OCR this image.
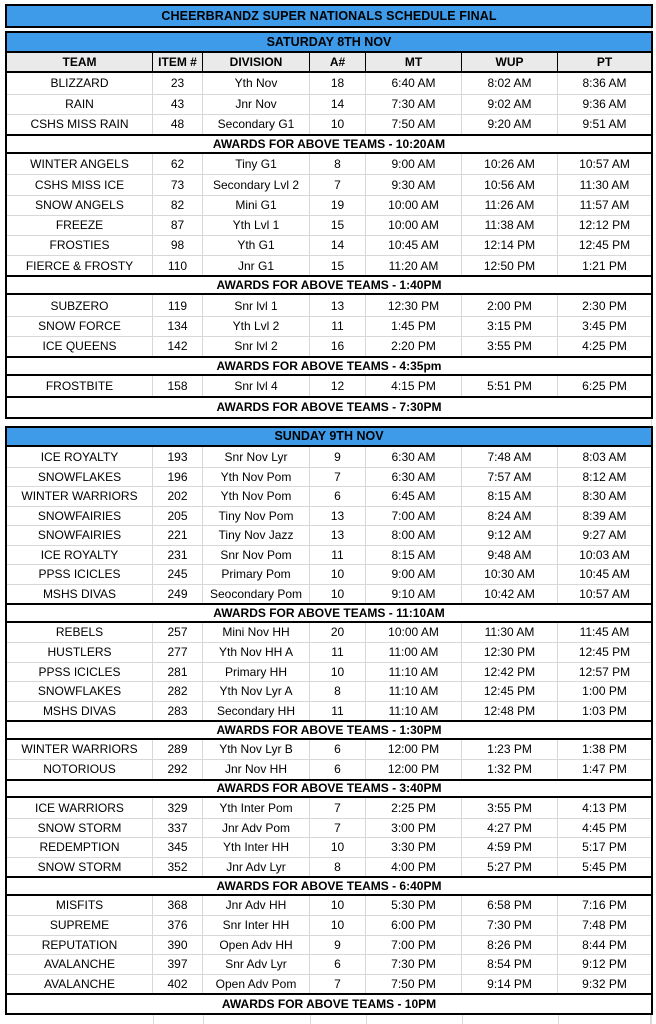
CHEERBRANDZ SUPER NATIONALS SCHEDULE FINAL
SATURDAY 8TH NOV
TEAM	ITEM #	DIVISION	A#	MT	WUP	PT
BLIZZARD	23	Yth Nov	18	6:40 AM	8:02 AM	8:36 AM
RAIN	43	Jnr Nov	14	7:30 AM	9:02 AM	9:36 AM
CSHS MISS RAIN	48	Secondary G1	10	7:50 AM	9:20 AM	9:51 AM
AWARDS FOR ABOVE TEAMS - 10:20AM
WINTER ANGELS	62	Tiny G1	8	9:00 AM	10:26 AM	10:57 AM
CSHS MISS ICE	73	Secondary Lvl 2	7	9:30 AM	10:56 AM	11:30 AM
SNOW ANGELS	82	Mini G1	19	10:00 AM	11:26 AM	11:57 AM
FREEZE	87	Yth Lvl 1	15	10:00 AM	11:38 AM	12:12 PM
FROSTIES	98	Yth G1	14	10:45 AM	12:14 PM	12:45 PM
FIERCE & FROSTY	110	Jnr G1	15	11:20 AM	12:50 PM	1:21 PM
AWARDS FOR ABOVE TEAMS - 1:40PM
SUBZERO	119	Snr lvl 1	13	12:30 PM	2:00 PM	2:30 PM
SNOW FORCE	134	Yth Lvl 2	11	1:45 PM	3:15 PM	3:45 PM
ICE QUEENS	142	Snr lvl 2	16	2:20 PM	3:55 PM	4:25 PM
AWARDS FOR ABOVE TEAMS - 4:35pm
FROSTBITE	158	Snr lvl 4	12	4:15 PM	5:51 PM	6:25 PM
AWARDS FOR ABOVE TEAMS - 7:30PM
SUNDAY 9TH NOV
ICE ROYALTY	193	Snr Nov Lyr	9	6:30 AM	7:48 AM	8:03 AM
SNOWFLAKES	196	Yth Nov Pom	7	6:30 AM	7:57 AM	8:12 AM
WINTER WARRIORS	202	Yth Nov Pom	6	6:45 AM	8:15 AM	8:30 AM
SNOWFAIRIES	205	Tiny Nov Pom	13	7:00 AM	8:24 AM	8:39 AM
SNOWFAIRIES	221	Tiny Nov Jazz	13	8:00 AM	9:12 AM	9:27 AM
ICE ROYALTY	231	Snr Nov Pom	11	8:15 AM	9:48 AM	10:03 AM
PPSS ICICLES	245	Primary Pom	10	9:00 AM	10:30 AM	10:45 AM
MSHS DIVAS	249	Seocondary Pom	10	9:10 AM	10:42 AM	10:57 AM
AWARDS FOR ABOVE TEAMS - 11:10AM
REBELS	257	Mini Nov HH	20	10:00 AM	11:30 AM	11:45 AM
HUSTLERS	277	Yth Nov HH A	11	11:00 AM	12:30 PM	12:45 PM
PPSS ICICLES	281	Primary HH	10	11:10 AM	12:42 PM	12:57 PM
SNOWFLAKES	282	Yth Nov Lyr A	8	11:10 AM	12:45 PM	1:00 PM
MSHS DIVAS	283	Secondary HH	11	11:10 AM	12:48 PM	1:03 PM
AWARDS FOR ABOVE TEAMS - 1:30PM
WINTER WARRIORS	289	Yth Nov Lyr B	6	12:00 PM	1:23 PM	1:38 PM
NOTORIOUS	292	Jnr Nov HH	6	12:00 PM	1:32 PM	1:47 PM
AWARDS FOR ABOVE TEAMS - 3:40PM
ICE WARRIORS	329	Yth Inter Pom	7	2:25 PM	3:55 PM	4:13 PM
SNOW STORM	337	Jnr Adv Pom	7	3:00 PM	4:27 PM	4:45 PM
REDEMPTION	345	Yth Inter HH	10	3:30 PM	4:59 PM	5:17 PM
SNOW STORM	352	Jnr Adv Lyr	8	4:00 PM	5:27 PM	5:45 PM
AWARDS FOR ABOVE TEAMS - 6:40PM
MISFITS	368	Jnr Adv HH	10	5:30 PM	6:58 PM	7:16 PM
SUPREME	376	Snr Inter HH	10	6:00 PM	7:30 PM	7:48 PM
REPUTATION	390	Open Adv HH	9	7:00 PM	8:26 PM	8:44 PM
AVALANCHE	397	Snr Adv Lyr	6	7:30 PM	8:54 PM	9:12 PM
AVALANCHE	402	Open Adv Pom	7	7:50 PM	9:14 PM	9:32 PM
AWARDS FOR ABOVE TEAMS - 10PM
